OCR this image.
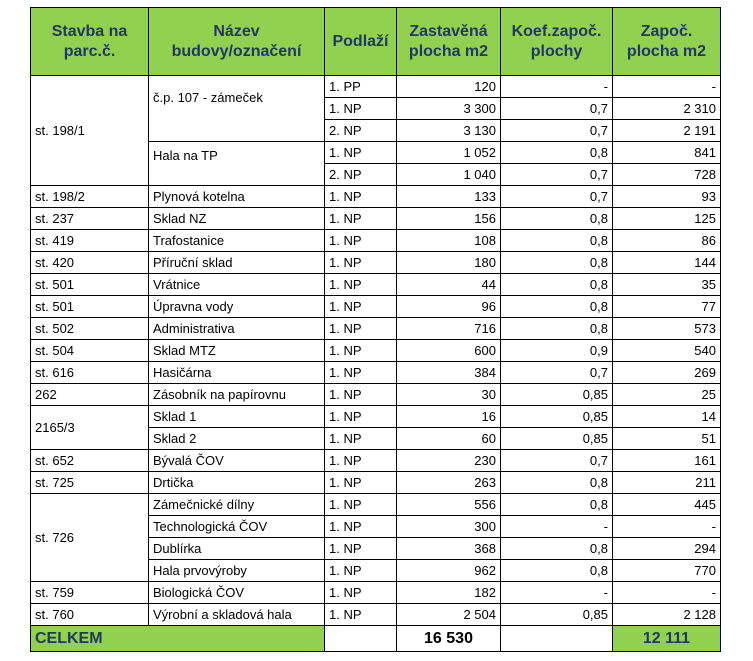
Stavba na parc.č.	Název budovy/označení	Podlaží	Zastavěná plocha m2	Koef.započ. plochy	Započ. plocha m2
st. 198/1	č.p. 107 - zámeček	1. PP	120	-	-
		1. NP	3 300	0,7	2 310
		2. NP	3 130	0,7	2 191
	Hala na TP	1. NP	1 052	0,8	841
		2. NP	1 040	0,7	728
st. 198/2	Plynová kotelna	1. NP	133	0,7	93
st. 237	Sklad NZ	1. NP	156	0,8	125
st. 419	Trafostanice	1. NP	108	0,8	86
st. 420	Příruční sklad	1. NP	180	0,8	144
st. 501	Vrátnice	1. NP	44	0,8	35
st. 501	Úpravna vody	1. NP	96	0,8	77
st. 502	Administrativa	1. NP	716	0,8	573
st. 504	Sklad MTZ	1. NP	600	0,9	540
st. 616	Hasičárna	1. NP	384	0,7	269
262	Zásobník na papírovnu	1. NP	30	0,85	25
2165/3	Sklad 1	1. NP	16	0,85	14
	Sklad 2	1. NP	60	0,85	51
st. 652	Bývalá ČOV	1. NP	230	0,7	161
st. 725	Drtička	1. NP	263	0,8	211
st. 726	Zámečnické dílny	1. NP	556	0,8	445
	Technologická ČOV	1. NP	300	-	-
	Dublírka	1. NP	368	0,8	294
	Hala prvovýroby	1. NP	962	0,8	770
st. 759	Biologická ČOV	1. NP	182	-	-
st. 760	Výrobní a skladová hala	1. NP	2 504	0,85	2 128
CELKEM			16 530		12 111
